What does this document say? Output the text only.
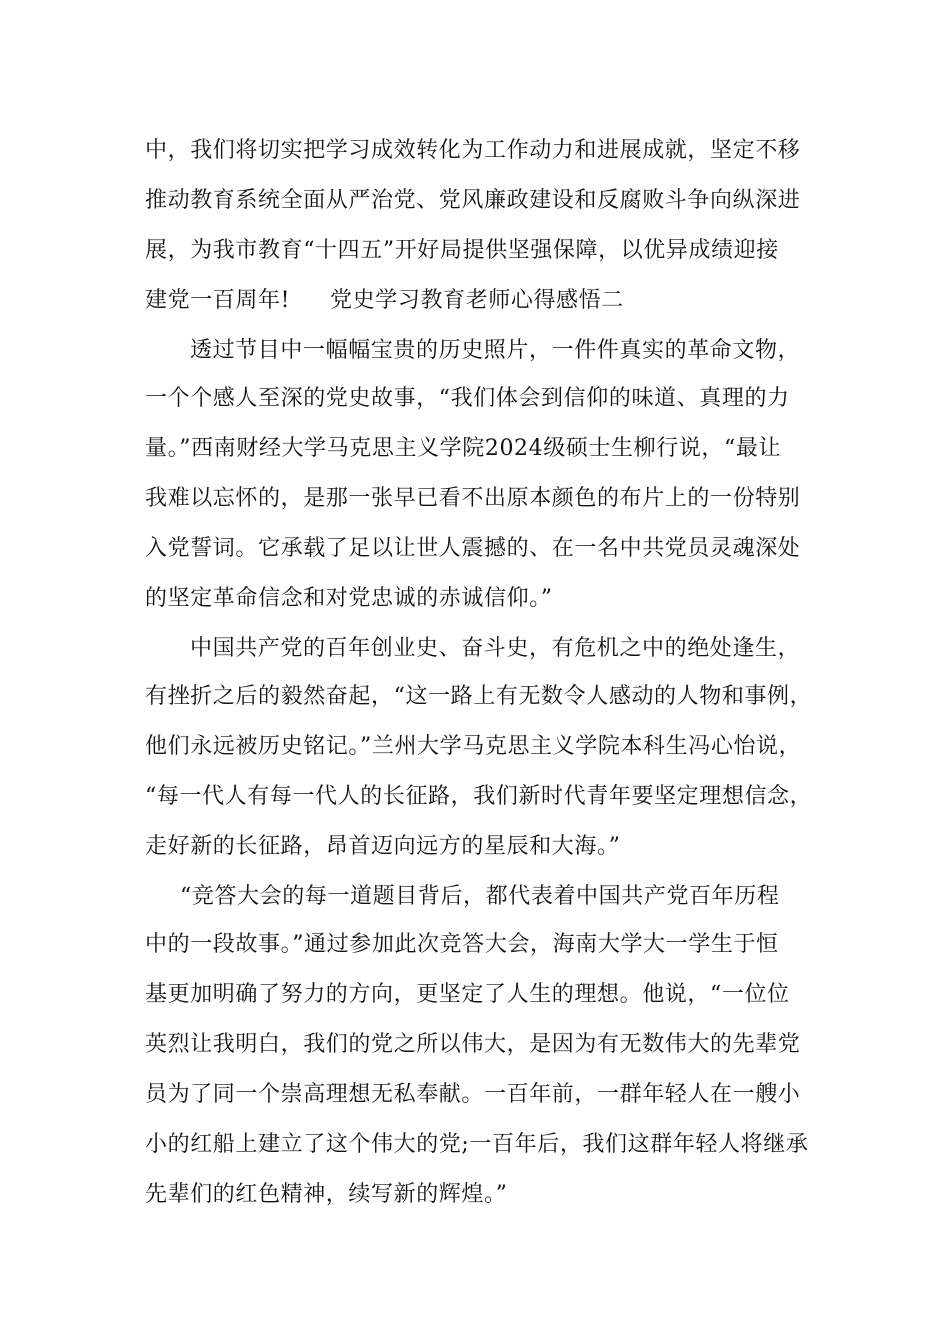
中，我们将切实把学习成效转化为工作动力和进展成就，坚定不移
推动教育系统全面从严治党、党风廉政建设和反腐败斗争向纵深进
展，为我市教育“十四五”开好局提供坚强保障，以优异成绩迎接
建党一百周年! 党史学习教育老师心得感悟二
透过节目中一幅幅宝贵的历史照片，一件件真实的革命文物，
一个个感人至深的党史故事，“我们体会到信仰的味道、真理的力
量。”西南财经大学马克思主义学院2024级硕士生柳行说，“最让
我难以忘怀的，是那一张早已看不出原本颜色的布片上的一份特别
入党誓词。它承载了足以让世人震撼的、在一名中共党员灵魂深处
的坚定革命信念和对党忠诚的赤诚信仰。”
中国共产党的百年创业史、奋斗史，有危机之中的绝处逢生，
有挫折之后的毅然奋起，“这一路上有无数令人感动的人物和事例，
他们永远被历史铭记。”兰州大学马克思主义学院本科生冯心怡说，
“每一代人有每一代人的长征路，我们新时代青年要坚定理想信念，
走好新的长征路，昂首迈向远方的星辰和大海。”
“竞答大会的每一道题目背后，都代表着中国共产党百年历程
中的一段故事。”通过参加此次竞答大会，海南大学大一学生于恒
基更加明确了努力的方向，更坚定了人生的理想。他说，“一位位
英烈让我明白，我们的党之所以伟大，是因为有无数伟大的先辈党
员为了同一个崇高理想无私奉献。一百年前，一群年轻人在一艘小
小的红船上建立了这个伟大的党;一百年后，我们这群年轻人将继承
先辈们的红色精神，续写新的辉煌。”
